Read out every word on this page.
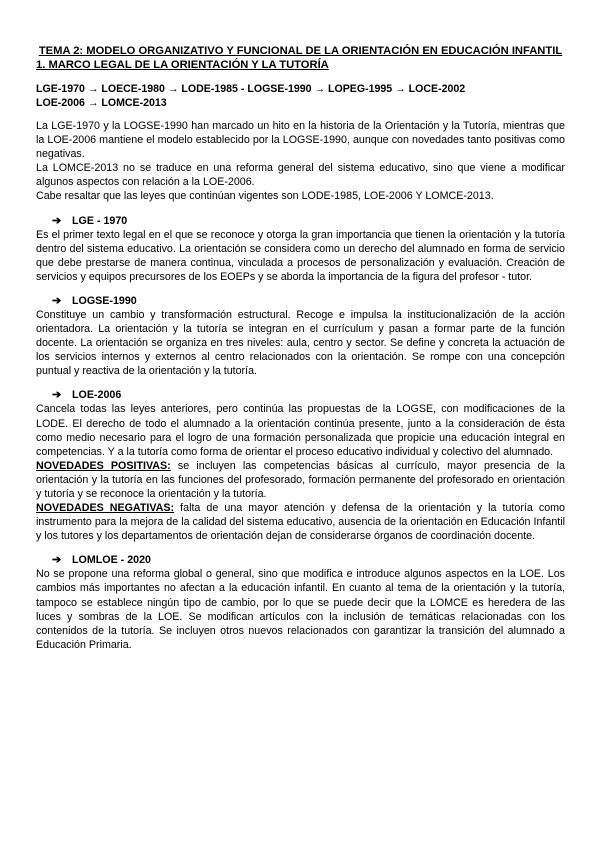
TEMA 2: MODELO ORGANIZATIVO Y FUNCIONAL DE LA ORIENTACIÓN EN EDUCACIÓN INFANTIL
1. MARCO LEGAL DE LA ORIENTACIÓN Y LA TUTORÍA
LGE-1970 → LOECE-1980 → LODE-1985 - LOGSE-1990 → LOPEG-1995 → LOCE-2002
LOE-2006 → LOMCE-2013

La LGE-1970 y la LOGSE-1990 han marcado un hito en la historia de la Orientación y la Tutoría, mientras que la LOE-2006 mantiene el modelo establecido por la LOGSE-1990, aunque con novedades tanto positivas como negativas.

La LOMCE-2013 no se traduce en una reforma general del sistema educativo, sino que viene a modificar algunos aspectos con relación a la LOE-2006.

Cabe resaltar que las leyes que continúan vigentes son LODE-1985, LOE-2006 Y LOMCE-2013.

➔	LGE - 1970

Es el primer texto legal en el que se reconoce y otorga la gran importancia que tienen la orientación y la tutoría dentro del sistema educativo. La orientación se considera como un derecho del alumnado en forma de servicio que debe prestarse de manera continua, vinculada a procesos de personalización y evaluación. Creación de servicios y equipos precursores de los EOEPs y se aborda la importancia de la figura del profesor - tutor.

➔	LOGSE-1990

Constituye un cambio y transformación estructural. Recoge e impulsa la institucionalización de la acción orientadora. La orientación y la tutoría se integran en el currículum y pasan a formar parte de la función docente. La orientación se organiza en tres niveles: aula, centro y sector. Se define y concreta la actuación de los servicios internos y externos al centro relacionados con la orientación. Se rompe con una concepción puntual y reactiva de la orientación y la tutoría.

➔	LOE-2006

Cancela todas las leyes anteriores, pero continúa las propuestas de la LOGSE, con modificaciones de la LODE. El derecho de todo el alumnado a la orientación continúa presente, junto a la consideración de ésta como medio necesario para el logro de una formación personalizada que propicie una educación integral en competencias. Y a la tutoría como forma de orientar el proceso educativo individual y colectivo del alumnado.

NOVEDADES POSITIVAS: se incluyen las competencias básicas al currículo, mayor presencia de la orientación y la tutoría en las funciones del profesorado, formación permanente del profesorado en orientación y tutoría y se reconoce la orientación y la tutoría.

NOVEDADES NEGATIVAS: falta de una mayor atención y defensa de la orientación y la tutoría como instrumento para la mejora de la calidad del sistema educativo, ausencia de la orientación en Educación Infantil y los tutores y los departamentos de orientación dejan de considerarse órganos de coordinación docente.

➔	LOMLOE - 2020

No se propone una reforma global o general, sino que modifica e introduce algunos aspectos en la LOE. Los cambios más importantes no afectan a la educación infantil. En cuanto al tema de la orientación y la tutoría, tampoco se establece ningún tipo de cambio, por lo que se puede decir que la LOMCE es heredera de las luces y sombras de la LOE. Se modifican artículos con la inclusión de temáticas relacionadas con los contenidos de la tutoría. Se incluyen otros nuevos relacionados con garantizar la transición del alumnado a Educación Primaria.
